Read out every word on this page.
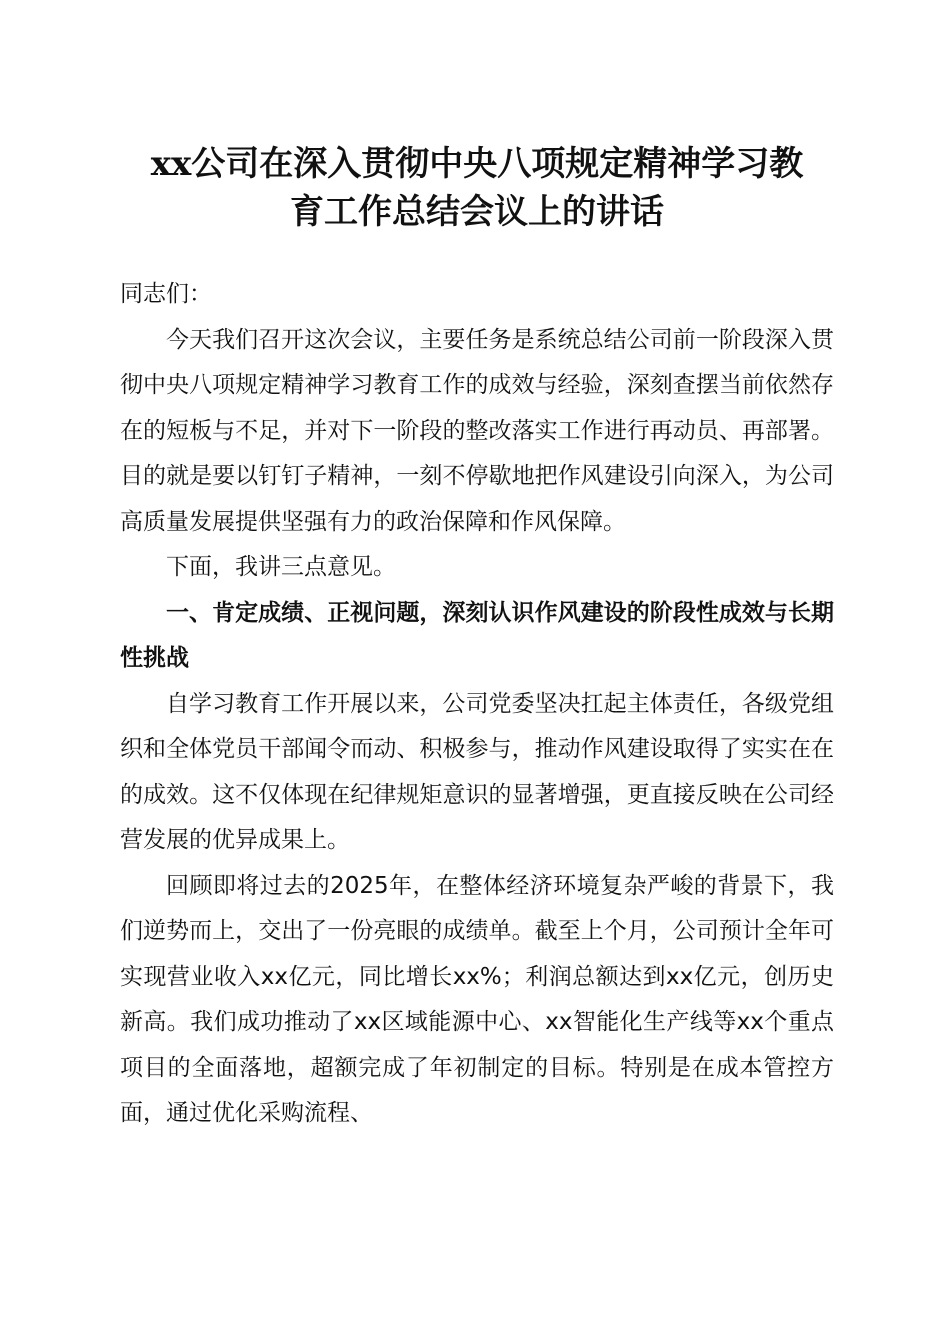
xx公司在深入贯彻中央八项规定精神学习教
育工作总结会议上的讲话

同志们：

今天我们召开这次会议，主要任务是系统总结公司前一阶段深入贯彻中央八项规定精神学习教育工作的成效与经验，深刻查摆当前依然存在的短板与不足，并对下一阶段的整改落实工作进行再动员、再部署。目的就是要以钉钉子精神，一刻不停歇地把作风建设引向深入，为公司高质量发展提供坚强有力的政治保障和作风保障。

下面，我讲三点意见。

一、肯定成绩、正视问题，深刻认识作风建设的阶段性成效与长期性挑战

自学习教育工作开展以来，公司党委坚决扛起主体责任，各级党组织和全体党员干部闻令而动、积极参与，推动作风建设取得了实实在在的成效。这不仅体现在纪律规矩意识的显著增强，更直接反映在公司经营发展的优异成果上。

回顾即将过去的2025年，在整体经济环境复杂严峻的背景下，我们逆势而上，交出了一份亮眼的成绩单。截至上个月，公司预计全年可实现营业收入xx亿元，同比增长xx%；利润总额达到xx亿元，创历史新高。我们成功推动了xx区域能源中心、xx智能化生产线等xx个重点项目的全面落地，超额完成了年初制定的目标。特别是在成本管控方面，通过优化采购流程、
